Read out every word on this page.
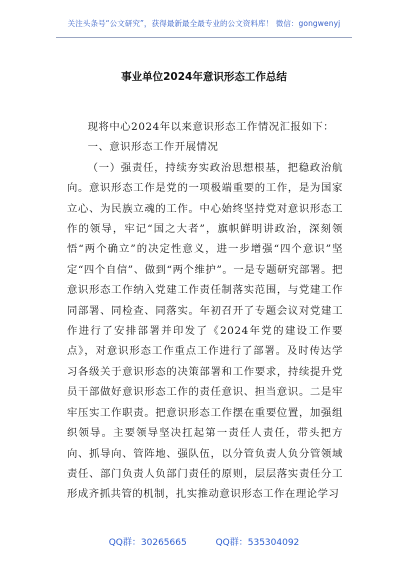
关注头条号“公文研究”，获得最新最全最专业的公文资料库！ 微信：gongwenyj
事业单位2024年意识形态工作总结

现将中心2024年以来意识形态工作情况汇报如下：

一、意识形态工作开展情况

（一）强责任，持续夯实政治思想根基，把稳政治航向。意识形态工作是党的一项极端重要的工作，是为国家立心、为民族立魂的工作。中心始终坚持党对意识形态工作的领导，牢记“国之大者”，旗帜鲜明讲政治，深刻领悟“两个确立”的决定性意义，进一步增强“四个意识”坚定“四个自信”、做到“两个维护”。一是专题研究部署。把意识形态工作纳入党建工作责任制落实范围，与党建工作同部署、同检查、同落实。年初召开了专题会议对党建工作进行了安排部署并印发了《2024年党的建设工作要点》，对意识形态工作重点工作进行了部署。及时传达学习各级关于意识形态的决策部署和工作要求，持续提升党员干部做好意识形态工作的责任意识、担当意识。二是牢牢压实工作职责。把意识形态工作摆在重要位置，加强组织领导。主要领导坚决扛起第一责任人责任，带头把方向、抓导向、管阵地、强队伍，以分管负责人负分管领域责任、部门负责人负部门责任的原则，层层落实责任分工形成齐抓共管的机制，扎实推动意识形态工作在理论学习

QQ群：30265665	QQ群：535304092
